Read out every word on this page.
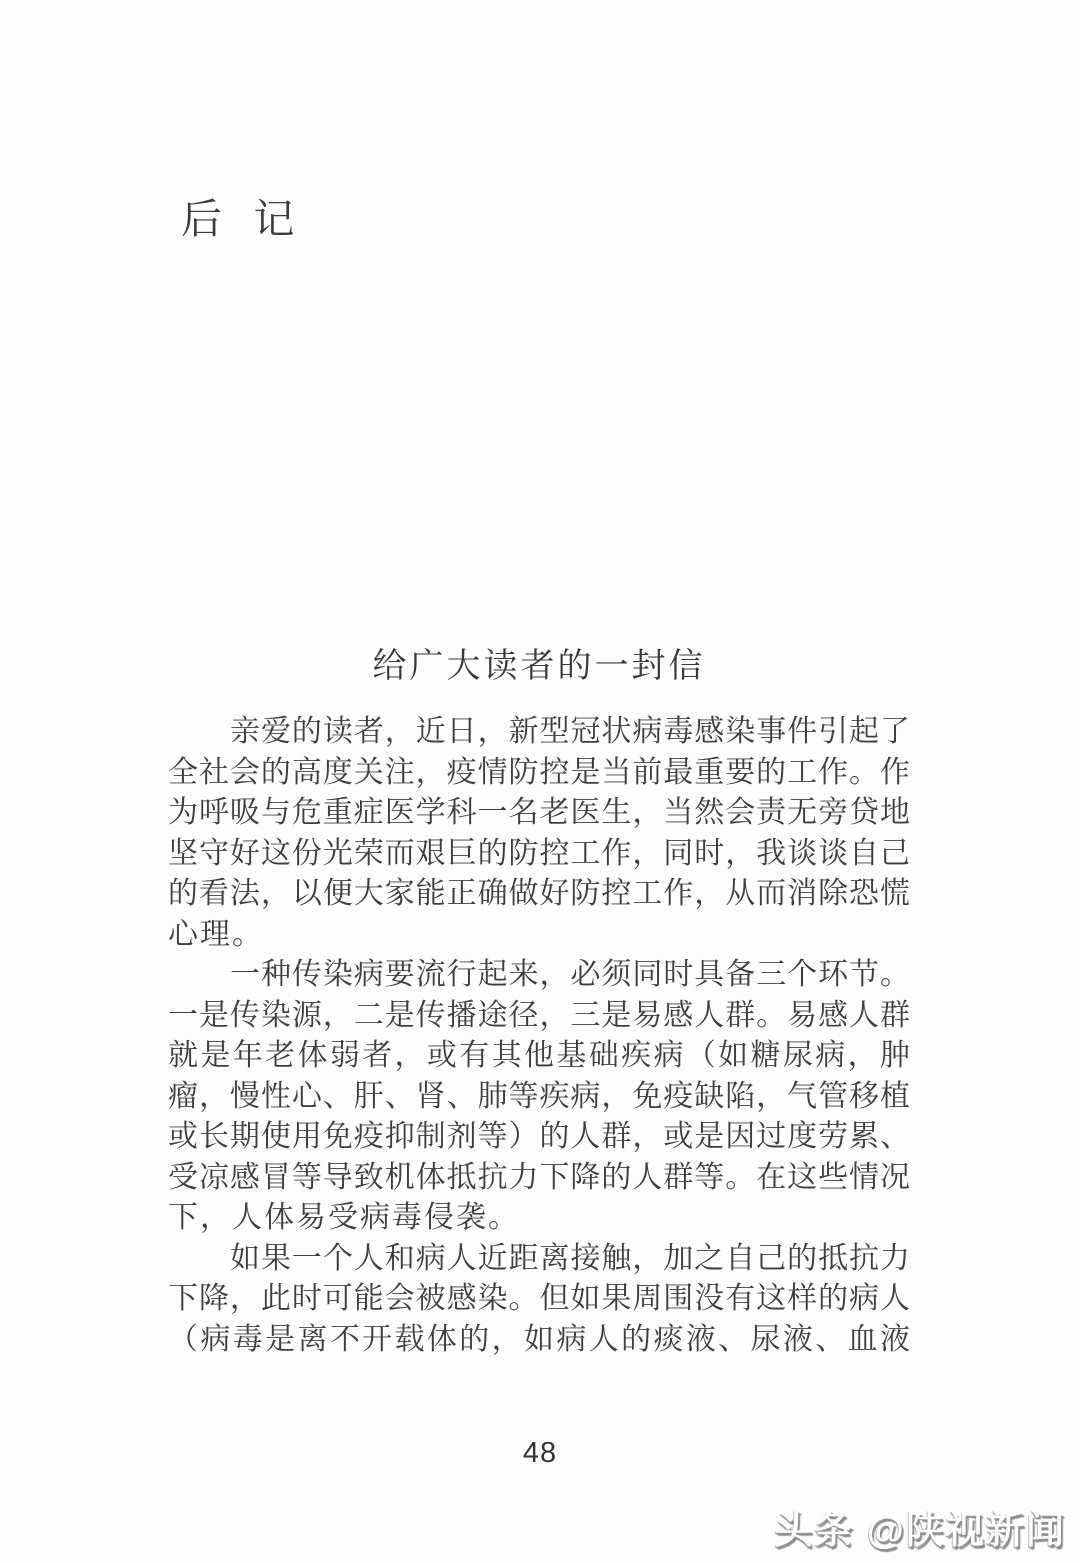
后 记
给广大读者的一封信
亲爱的读者，近日，新型冠状病毒感染事件引起了
全社会的高度关注，疫情防控是当前最重要的工作。作
为呼吸与危重症医学科一名老医生，当然会责无旁贷地
坚守好这份光荣而艰巨的防控工作，同时，我谈谈自己
的看法，以便大家能正确做好防控工作，从而消除恐慌
心理。
一种传染病要流行起来，必须同时具备三个环节。
一是传染源，二是传播途径，三是易感人群。易感人群
就是年老体弱者，或有其他基础疾病（如糖尿病，肿
瘤，慢性心、肝、肾、肺等疾病，免疫缺陷，气管移植
或长期使用免疫抑制剂等）的人群，或是因过度劳累、
受凉感冒等导致机体抵抗力下降的人群等。在这些情况
下，人体易受病毒侵袭。
如果一个人和病人近距离接触，加之自己的抵抗力
下降，此时可能会被感染。但如果周围没有这样的病人
（病毒是离不开载体的，如病人的痰液、尿液、血液
48
头条 @陕视新闻
